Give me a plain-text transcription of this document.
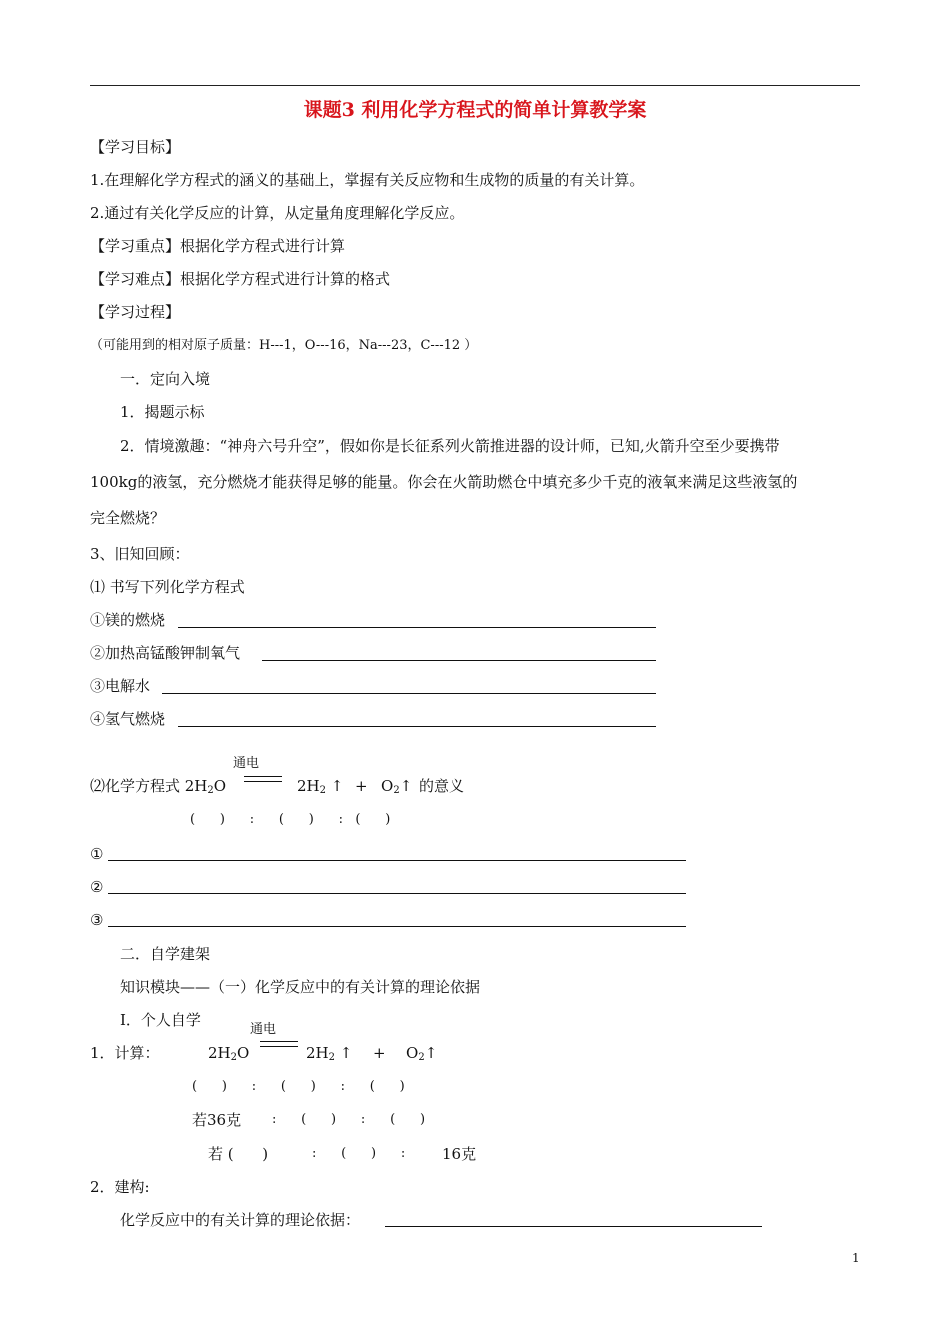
课题3 利用化学方程式的简单计算教学案
【学习目标】
1.在理解化学方程式的涵义的基础上，掌握有关反应物和生成物的质量的有关计算。
2.通过有关化学反应的计算，从定量角度理解化学反应。
【学习重点】根据化学方程式进行计算
【学习难点】根据化学方程式进行计算的格式
【学习过程】
（可能用到的相对原子质量：H---1，O---16，Na---23，C---12 ）
一．定向入境
1．揭题示标
2．情境激趣：“神舟六号升空”，假如你是长征系列火箭推进器的设计师，已知,火箭升空至少要携带
100kg的液氢，充分燃烧才能获得足够的能量。你会在火箭助燃仓中填充多少千克的液氧来满足这些液氢的
完全燃烧？
3、旧知回顾：
⑴ 书写下列化学方程式
①镁的燃烧
②加热高锰酸钾制氧气
③电解水
④氢气燃烧
通电
⑵化学方程式 $2H_2O$	$2H_2$ ↑ + $O_2↑$ 的意义
(      )      :      (      )      :   (      )
①
②
③
二．自学建架
知识模块——（一）化学反应中的有关计算的理论依据
Ⅰ．个人自学
通电
1．计算：	$2H_2O$	$2H_2$ ↑ + $O_2↑$
(      )      :      (      )      :      (      )
若36克 :      (      )      :      (      )
若 (      )	:      (      )      : 16克
2．建构:
化学反应中的有关计算的理论依据：
1
